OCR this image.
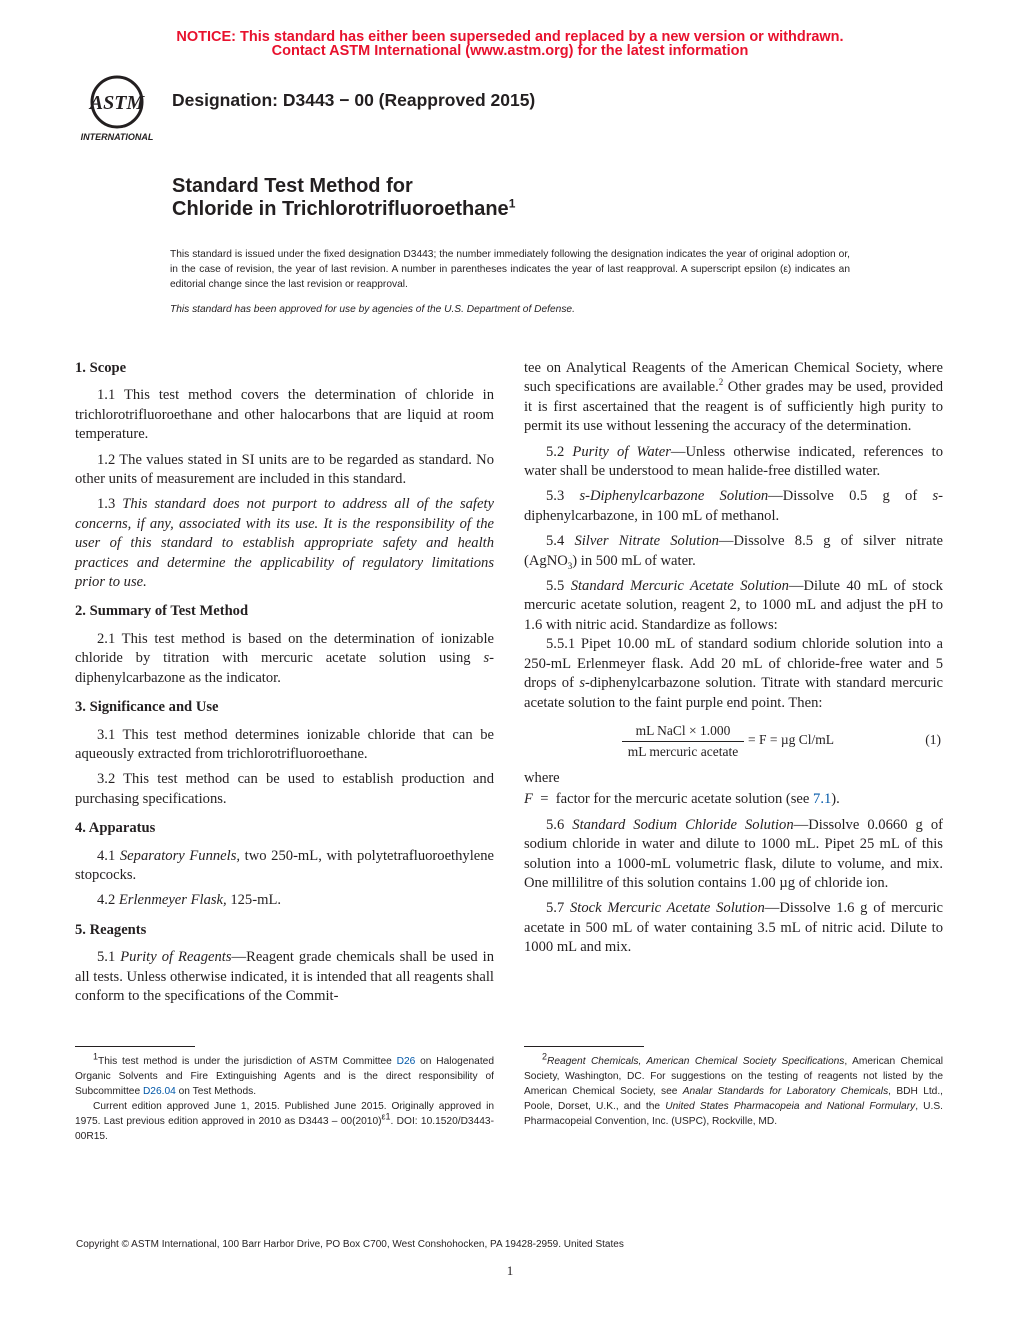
NOTICE: This standard has either been superseded and replaced by a new version or withdrawn.
Contact ASTM International (www.astm.org) for the latest information
ASTM
INTERNATIONAL
Designation: D3443 − 00 (Reapproved 2015)
Standard Test Method for
Chloride in Trichlorotrifluoroethane$^1$
This standard is issued under the fixed designation D3443; the number immediately following the designation indicates the year of original adoption or, in the case of revision, the year of last revision. A number in parentheses indicates the year of last reapproval. A superscript epsilon (ε) indicates an editorial change since the last revision or reapproval.
This standard has been approved for use by agencies of the U.S. Department of Defense.

1. Scope

1.1 This test method covers the determination of chloride in trichlorotrifluoroethane and other halocarbons that are liquid at room temperature.

1.2 The values stated in SI units are to be regarded as standard. No other units of measurement are included in this standard.

1.3 This standard does not purport to address all of the safety concerns, if any, associated with its use. It is the responsibility of the user of this standard to establish appropriate safety and health practices and determine the applicability of regulatory limitations prior to use.

2. Summary of Test Method

2.1 This test method is based on the determination of ionizable chloride by titration with mercuric acetate solution using s-diphenylcarbazone as the indicator.

3. Significance and Use

3.1 This test method determines ionizable chloride that can be aqueously extracted from trichlorotrifluoroethane.

3.2 This test method can be used to establish production and purchasing specifications.

4. Apparatus

4.1 Separatory Funnels, two 250-mL, with polytetrafluoroethylene stopcocks.

4.2 Erlenmeyer Flask, 125-mL.

5. Reagents

5.1 Purity of Reagents—Reagent grade chemicals shall be used in all tests. Unless otherwise indicated, it is intended that all reagents shall conform to the specifications of the Commit-

tee on Analytical Reagents of the American Chemical Society, where such specifications are available.$^2$ Other grades may be used, provided it is first ascertained that the reagent is of sufficiently high purity to permit its use without lessening the accuracy of the determination.

5.2 Purity of Water—Unless otherwise indicated, references to water shall be understood to mean halide-free distilled water.

5.3 s-Diphenylcarbazone Solution—Dissolve 0.5 g of s-diphenylcarbazone, in 100 mL of methanol.

5.4 Silver Nitrate Solution—Dissolve 8.5 g of silver nitrate (AgNO$_3$) in 500 mL of water.

5.5 Standard Mercuric Acetate Solution—Dilute 40 mL of stock mercuric acetate solution, reagent 2, to 1000 mL and adjust the pH to 1.6 with nitric acid. Standardize as follows:

5.5.1 Pipet 10.00 mL of standard sodium chloride solution into a 250-mL Erlenmeyer flask. Add 20 mL of chloride-free water and 5 drops of s-diphenylcarbazone solution. Titrate with standard mercuric acetate solution to the faint purple end point. Then:

mL NaCl × 1.000
mL mercuric acetate
= F = µg Cl/mL	(1)

where

F  =  factor for the mercuric acetate solution (see 7.1).

5.6 Standard Sodium Chloride Solution—Dissolve 0.0660 g of sodium chloride in water and dilute to 1000 mL. Pipet 25 mL of this solution into a 1000-mL volumetric flask, dilute to volume, and mix. One millilitre of this solution contains 1.00 µg of chloride ion.

5.7 Stock Mercuric Acetate Solution—Dissolve 1.6 g of mercuric acetate in 500 mL of water containing 3.5 mL of nitric acid. Dilute to 1000 mL and mix.

$^1$This test method is under the jurisdiction of ASTM Committee D26 on Halogenated Organic Solvents and Fire Extinguishing Agents and is the direct responsibility of Subcommittee D26.04 on Test Methods.

Current edition approved June 1, 2015. Published June 2015. Originally approved in 1975. Last previous edition approved in 2010 as $D3443 - 00(2010)^{\varepsilon 1}$. DOI: 10.1520/D3443-00R15.

$^2$Reagent Chemicals, American Chemical Society Specifications, American Chemical Society, Washington, DC. For suggestions on the testing of reagents not listed by the American Chemical Society, see Analar Standards for Laboratory Chemicals, BDH Ltd., Poole, Dorset, U.K., and the United States Pharmacopeia and National Formulary, U.S. Pharmacopeial Convention, Inc. (USPC), Rockville, MD.

Copyright © ASTM International, 100 Barr Harbor Drive, PO Box C700, West Conshohocken, PA 19428-2959. United States
1
